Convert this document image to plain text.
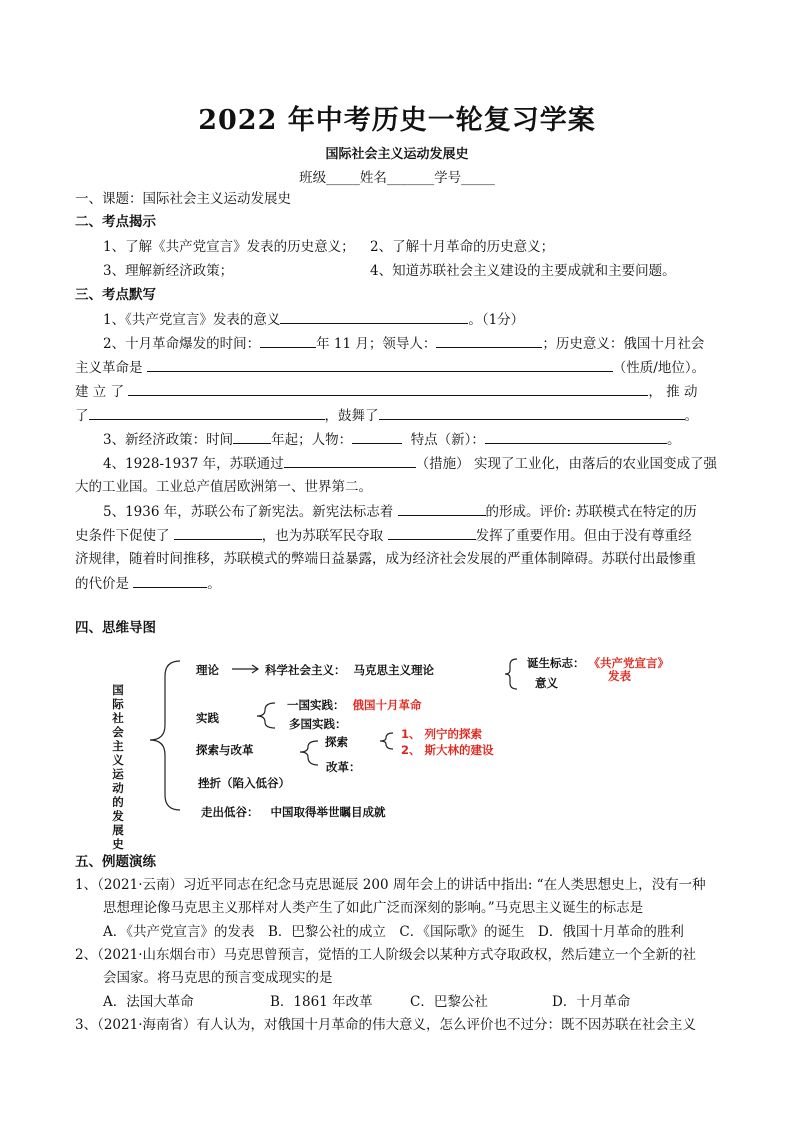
2022 年中考历史一轮复习学案
国际社会主义运动发展史
班级_____姓名_______学号_____
一、课题：国际社会主义运动发展史
二、考点揭示
1、了解《共产党宣言》发表的历史意义； 2、了解十月革命的历史意义；
3、理解新经济政策；	4、知道苏联社会主义建设的主要成就和主要问题。
三、考点默写
1、《共产党宣言》发表的意义	。（1分）
2、十月革命爆发的时间：	年 11 月；领导人：	；历史意义：俄国十月社会
主义革命是	（性质/地位）。
建 立 了	， 推 动
了	，鼓舞了	。
3、新经济政策：时间	年起；人物：	特点（新）：	。
4、1928-1937 年，苏联通过	（措施） 实现了工业化，由落后的农业国变成了强
大的工业国。工业总产值居欧洲第一、世界第二。
5、1936 年，苏联公布了新宪法。新宪法标志着	的形成。评价: 苏联模式在特定的历
史条件下促使了	，也为苏联军民夺取	发挥了重要作用。但由于没有尊重经
济规律，随着时间推移，苏联模式的弊端日益暴露，成为经济社会发展的严重体制障碍。苏联付出最惨重
的代价是	。
四、思维导图
国际社会主义运动的发展史
理论	科学社会主义： 马克思主义理论	诞生标志： 《共产党宣言》
发表
意义
实践
一国实践： 俄国十月革命
多国实践：
探索与改革
探索
1、 列宁的探索
2、 斯大林的建设
改革：
挫折（陷入低谷）
走出低谷： 中国取得举世瞩目成就
五、例题演练
1、（2021·云南）习近平同志在纪念马克思诞辰 200 周年会上的讲话中指出: “在人类思想史上，没有一种
思想理论像马克思主义那样对人类产生了如此广泛而深刻的影响。”马克思主义诞生的标志是
A．《共产党宣言》的发表　B．巴黎公社的成立　C．《国际歌》的诞生　D．俄国十月革命的胜利
2、（2021·山东烟台市）马克思曾预言，觉悟的工人阶级会以某种方式夺取政权，然后建立一个全新的社
会国家。将马克思的预言变成现实的是
A．法国大革命	B．1861 年改革	C．巴黎公社	D．十月革命
3、（2021·海南省）有人认为，对俄国十月革命的伟大意义，怎么评价也不过分：既不因苏联在社会主义
